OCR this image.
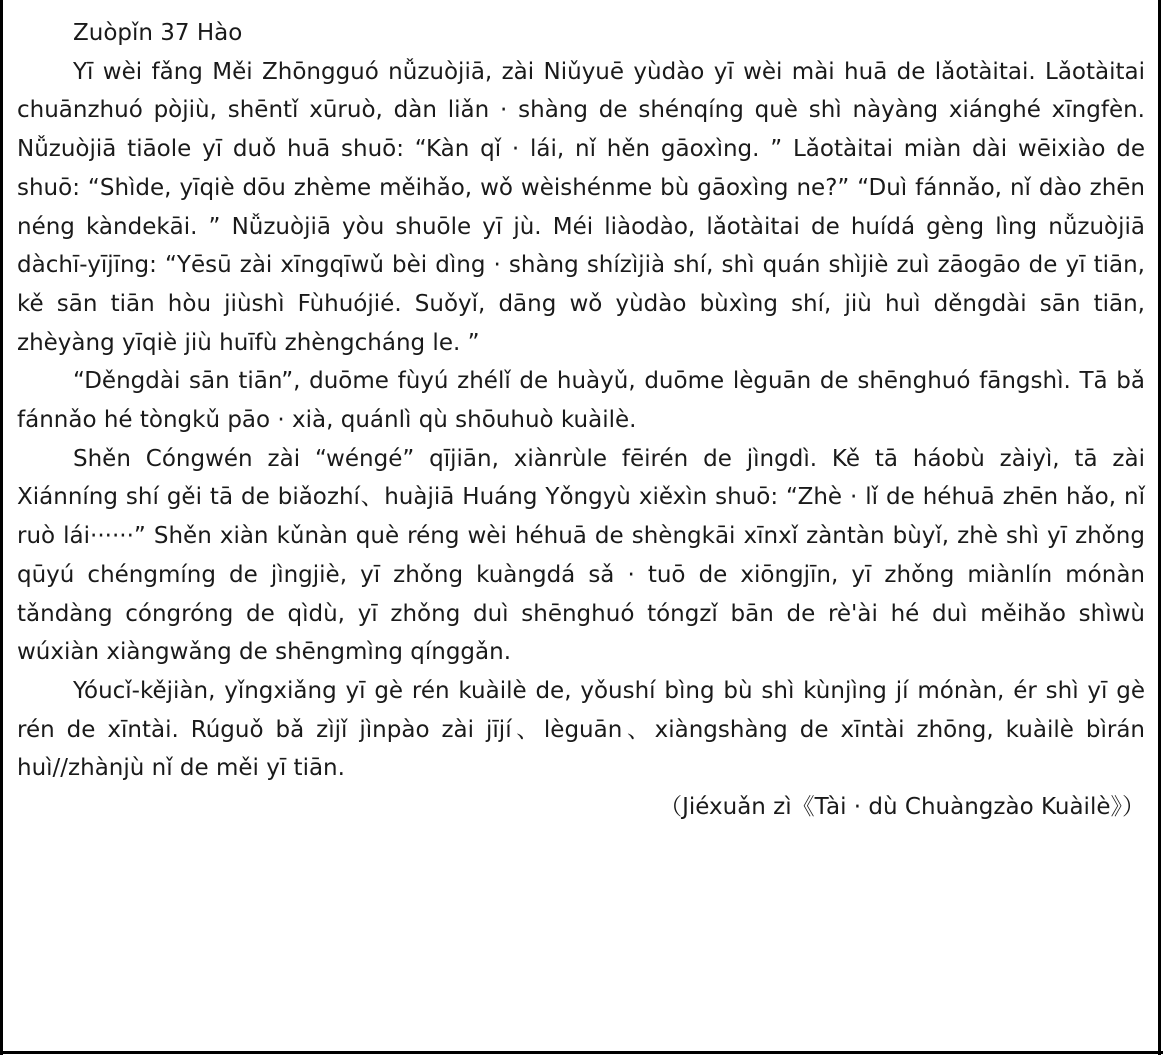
Zuòpǐn 37 Hào

Yī wèi fǎng Měi Zhōngguó nǚzuòjiā, zài Niǔyuē yùdào yī wèi mài huā de lǎotàitai. Lǎotàitai chuānzhuó pòjiù, shēntǐ xūruò, dàn liǎn · shàng de shénqíng què shì nàyàng xiánghé xīngfèn. Nǚzuòjiā tiāole yī duǒ huā shuō: “Kàn qǐ · lái, nǐ hěn gāoxìng. ” Lǎotàitai miàn dài wēixiào de shuō: “Shìde, yīqiè dōu zhème měihǎo, wǒ wèishénme bù gāoxìng ne?” “Duì fánnǎo, nǐ dào zhēn néng kàndekāi. ” Nǚzuòjiā yòu shuōle yī jù. Méi liàodào, lǎotàitai de huídá gèng lìng nǚzuòjiā dàchī-yījīng: “Yēsū zài xīngqīwǔ bèi dìng · shàng shízìjià shí, shì quán shìjiè zuì zāogāo de yī tiān, kě sān tiān hòu jiùshì Fùhuójié. Suǒyǐ, dāng wǒ yùdào bùxìng shí, jiù huì děngdài sān tiān, zhèyàng yīqiè jiù huīfù zhèngcháng le. ”

“Děngdài sān tiān”, duōme fùyú zhélǐ de huàyǔ, duōme lèguān de shēnghuó fāngshì. Tā bǎ fánnǎo hé tòngkǔ pāo · xià, quánlì qù shōuhuò kuàilè.

Shěn Cóngwén zài “wéngé” qījiān, xiànrùle fēirén de jìngdì. Kě tā háobù zàiyì, tā zài Xiánníng shí gěi tā de biǎozhí、huàjiā Huáng Yǒngyù xiěxìn shuō: “Zhè · lǐ de héhuā zhēn hǎo, nǐ ruò lái······” Shěn xiàn kǔnàn què réng wèi héhuā de shèngkāi xīnxǐ zàntàn bùyǐ, zhè shì yī zhǒng qūyú chéngmíng de jìngjiè, yī zhǒng kuàngdá sǎ · tuō de xiōngjīn, yī zhǒng miànlín mónàn tǎndàng cóngróng de qìdù, yī zhǒng duì shēnghuó tóngzǐ bān de rè'ài hé duì měihǎo shìwù wúxiàn xiàngwǎng de shēngmìng qínggǎn.

Yóucǐ-kějiàn, yǐngxiǎng yī gè rén kuàilè de, yǒushí bìng bù shì kùnjìng jí mónàn, ér shì yī gè rén de xīntài. Rúguǒ bǎ zìjǐ jìnpào zài jījí、lèguān、xiàngshàng de xīntài zhōng, kuàilè bìrán huì//zhànjù nǐ de měi yī tiān.

（Jiéxuǎn zì《Tài · dù Chuàngzào Kuàilè》）
